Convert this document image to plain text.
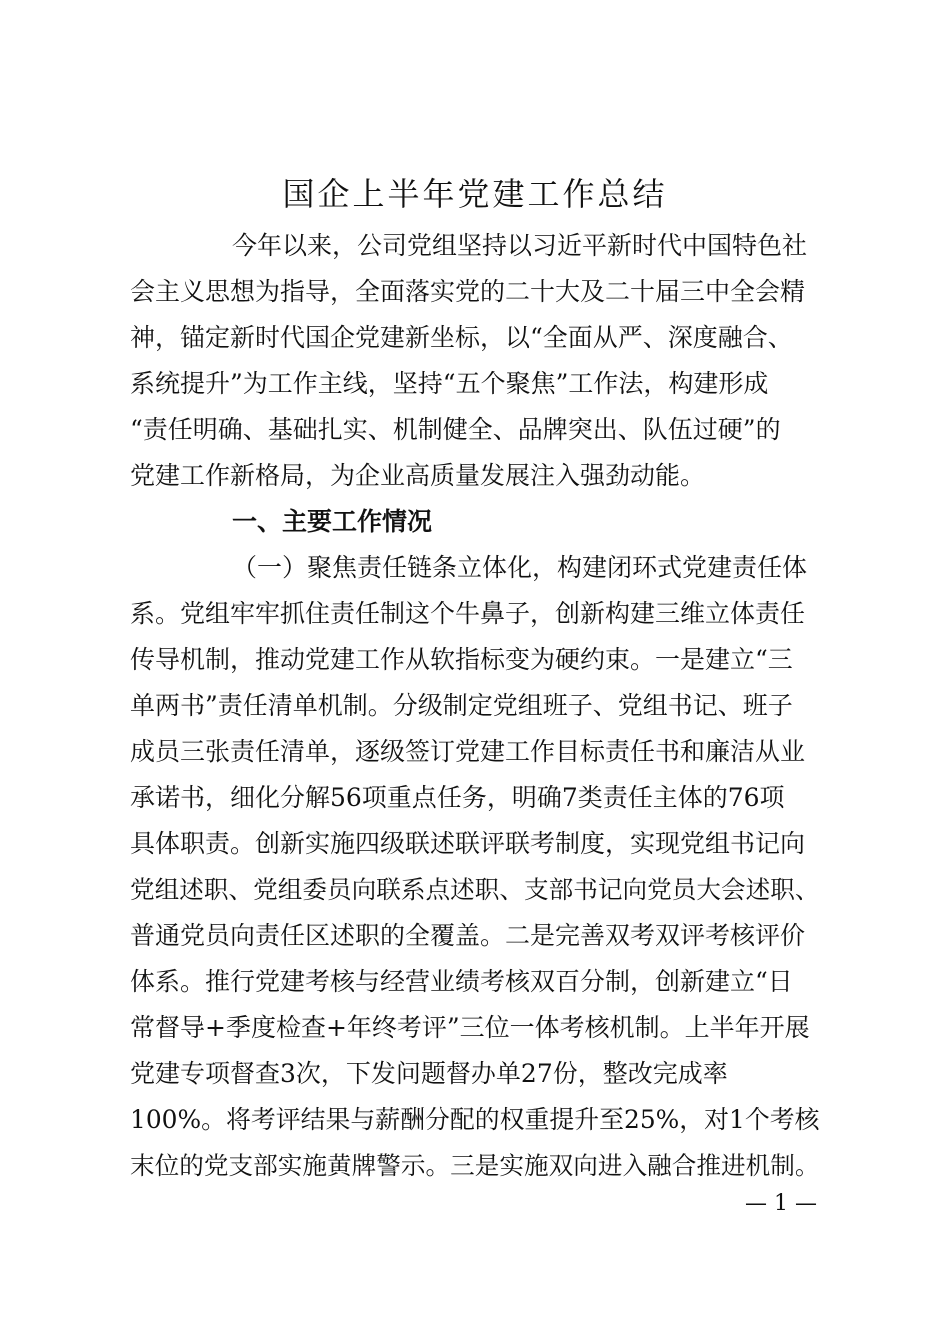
国企上半年党建工作总结
今年以来，公司党组坚持以习近平新时代中国特色社
会主义思想为指导，全面落实党的二十大及二十届三中全会精
神，锚定新时代国企党建新坐标，以“全面从严、深度融合、
系统提升”为工作主线，坚持“五个聚焦”工作法，构建形成
“责任明确、基础扎实、机制健全、品牌突出、队伍过硬”的
党建工作新格局，为企业高质量发展注入强劲动能。
一、主要工作情况
（一）聚焦责任链条立体化，构建闭环式党建责任体
系。党组牢牢抓住责任制这个牛鼻子，创新构建三维立体责任
传导机制，推动党建工作从软指标变为硬约束。一是建立“三
单两书”责任清单机制。分级制定党组班子、党组书记、班子
成员三张责任清单，逐级签订党建工作目标责任书和廉洁从业
承诺书，细化分解56项重点任务，明确7类责任主体的76项
具体职责。创新实施四级联述联评联考制度，实现党组书记向
党组述职、党组委员向联系点述职、支部书记向党员大会述职、
普通党员向责任区述职的全覆盖。二是完善双考双评考核评价
体系。推行党建考核与经营业绩考核双百分制，创新建立“日
常督导+季度检查+年终考评”三位一体考核机制。上半年开展
党建专项督查3次，下发问题督办单27份，整改完成率
100%。将考评结果与薪酬分配的权重提升至25%，对1个考核
末位的党支部实施黄牌警示。三是实施双向进入融合推进机制。
— 1 —
